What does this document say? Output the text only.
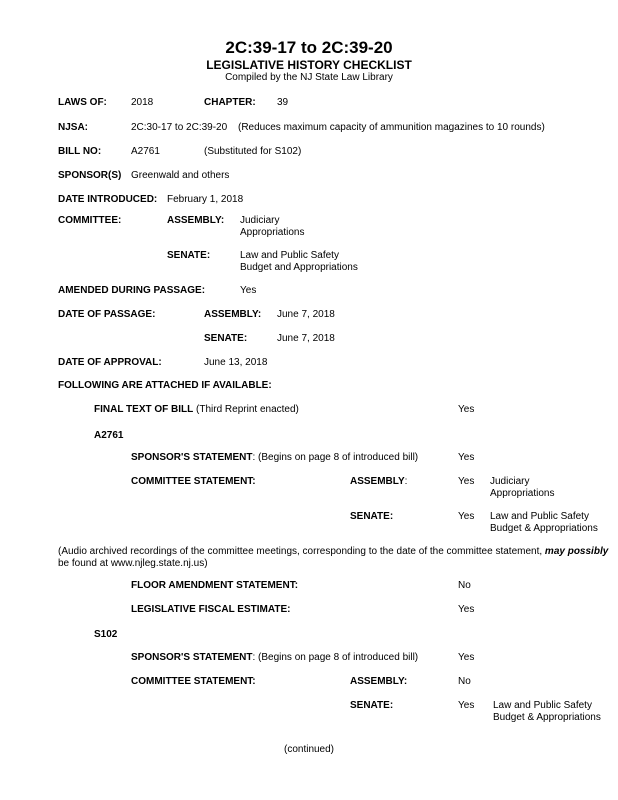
2C:39-17 to 2C:39-20
LEGISLATIVE HISTORY CHECKLIST
Compiled by the NJ State Law Library
LAWS OF: 2018	CHAPTER: 39
NJSA:	2C:30-17 to 2C:39-20 (Reduces maximum capacity of ammunition magazines to 10 rounds)
BILL NO:	A2761	(Substituted for S102)
SPONSOR(S) Greenwald and others
DATE INTRODUCED: February 1, 2018
COMMITTEE:	ASSEMBLY: Judiciary
Appropriations
SENATE:	Law and Public Safety
Budget and Appropriations
AMENDED DURING PASSAGE:	Yes
DATE OF PASSAGE:	ASSEMBLY: June 7, 2018
SENATE:	June 7, 2018
DATE OF APPROVAL:	June 13, 2018
FOLLOWING ARE ATTACHED IF AVAILABLE:
FINAL TEXT OF BILL (Third Reprint enacted)	Yes
A2761
SPONSOR'S STATEMENT: (Begins on page 8 of introduced bill)	Yes
COMMITTEE STATEMENT:	ASSEMBLY:	Yes Judiciary
Appropriations
SENATE:	Yes Law and Public Safety
Budget & Appropriations
(Audio archived recordings of the committee meetings, corresponding to the date of the committee statement, may possibly
be found at www.njleg.state.nj.us)
FLOOR AMENDMENT STATEMENT:	No
LEGISLATIVE FISCAL ESTIMATE:	Yes
S102
SPONSOR'S STATEMENT: (Begins on page 8 of introduced bill)	Yes
COMMITTEE STATEMENT:	ASSEMBLY:	No
SENATE:	Yes Law and Public Safety
Budget & Appropriations
(continued)
